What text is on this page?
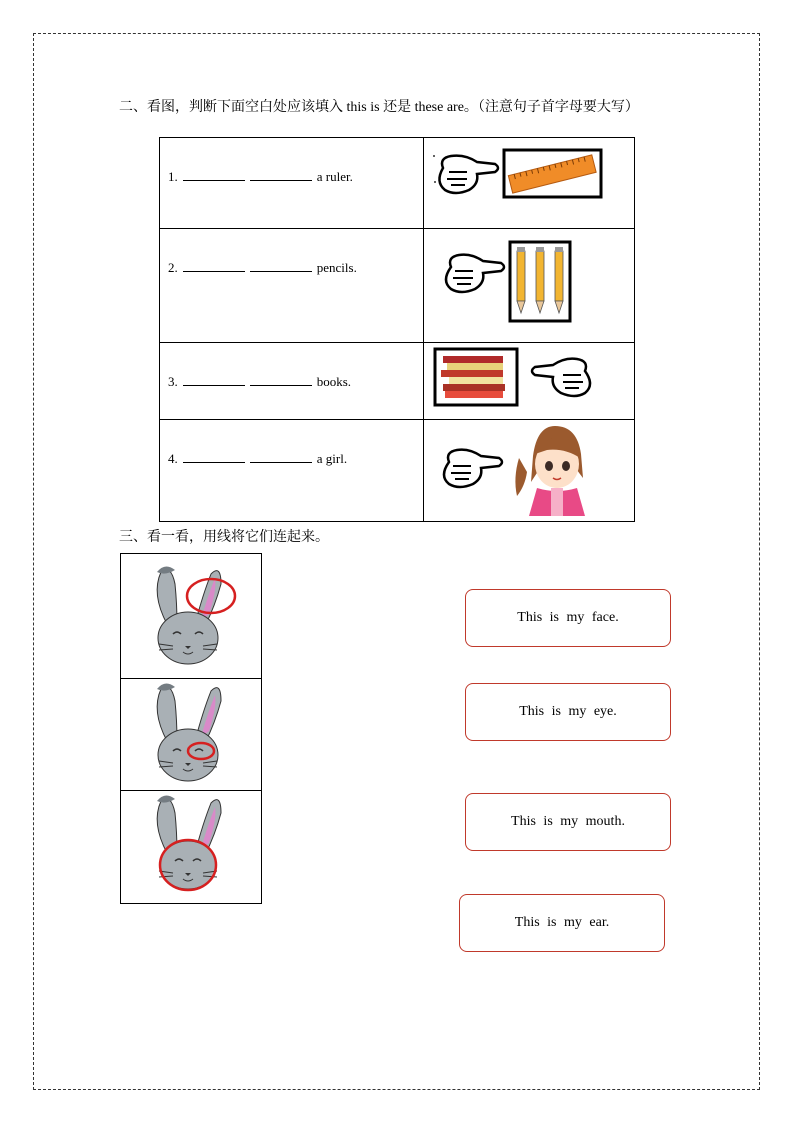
二、看图，判断下面空白处应该填入 this is 还是 these are。（注意句子首字母要大写）
1.	a ruler.
2.	pencils.
3.	books.
4.	a girl.
三、看一看，用线将它们连起来。
This is my face.
This is my eye.
This is my mouth.
This is my ear.
